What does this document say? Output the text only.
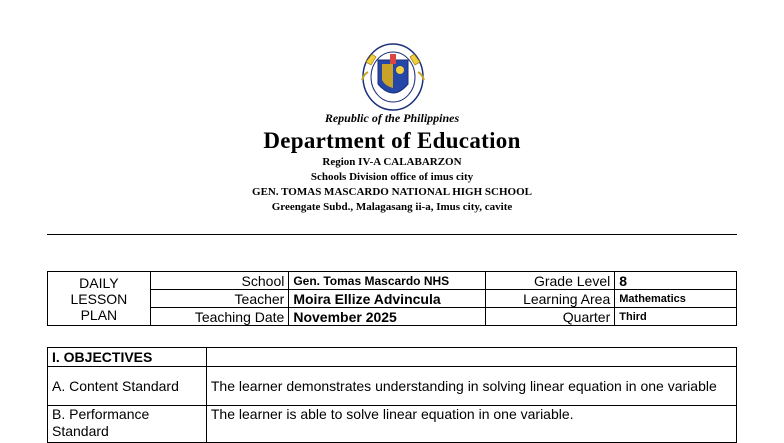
Republic of the Philippines
Department of Education
Region IV-A CALABARZON
Schools Division office of imus city
GEN. TOMAS MASCARDO NATIONAL HIGH SCHOOL
Greengate Subd., Malagasang ii-a, Imus city, cavite
DAILY
LESSON
PLAN	School	Gen. Tomas Mascardo NHS	Grade Level	8
	Teacher	Moira Ellize Advincula	Learning Area	Mathematics
	Teaching Date	November 2025	Quarter	Third
I. OBJECTIVES	
A. Content Standard	The learner demonstrates understanding in solving linear equation in one variable
B. Performance Standard	The learner is able to solve linear equation in one variable.
